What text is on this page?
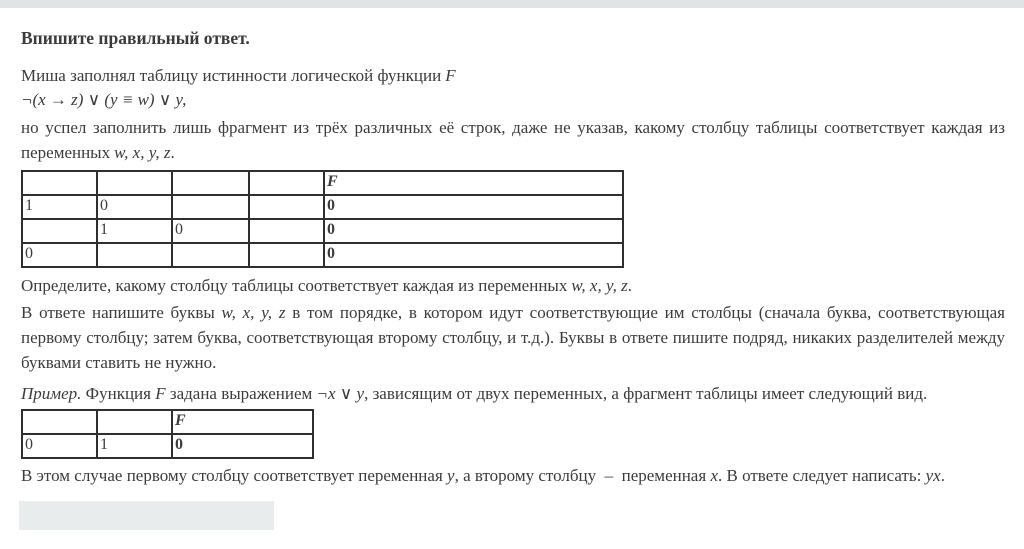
Впишите правильный ответ.
Миша заполнял таблицу истинности логической функции F
¬(x → z) ∨ (y ≡ w) ∨ y,
но успел заполнить лишь фрагмент из трёх различных её строк, даже не указав, какому столбцу таблицы соответствует каждая из переменных w, x, y, z.
				F
1	0			0
	1	0		0
0				0
Определите, какому столбцу таблицы соответствует каждая из переменных w, x, y, z.
В ответе напишите буквы w, x, y, z в том порядке, в котором идут соответствующие им столбцы (сначала буква, соответствующая первому столбцу; затем буква, соответствующая второму столбцу, и т.д.). Буквы в ответе пишите подряд, никаких разделителей между буквами ставить не нужно.
Пример. Функция F задана выражением ¬x ∨ y, зависящим от двух переменных, а фрагмент таблицы имеет следующий вид.
		F
0	1	0
В этом случае первому столбцу соответствует переменная y, а второму столбцу  –  переменная x. В ответе следует написать: yx.
